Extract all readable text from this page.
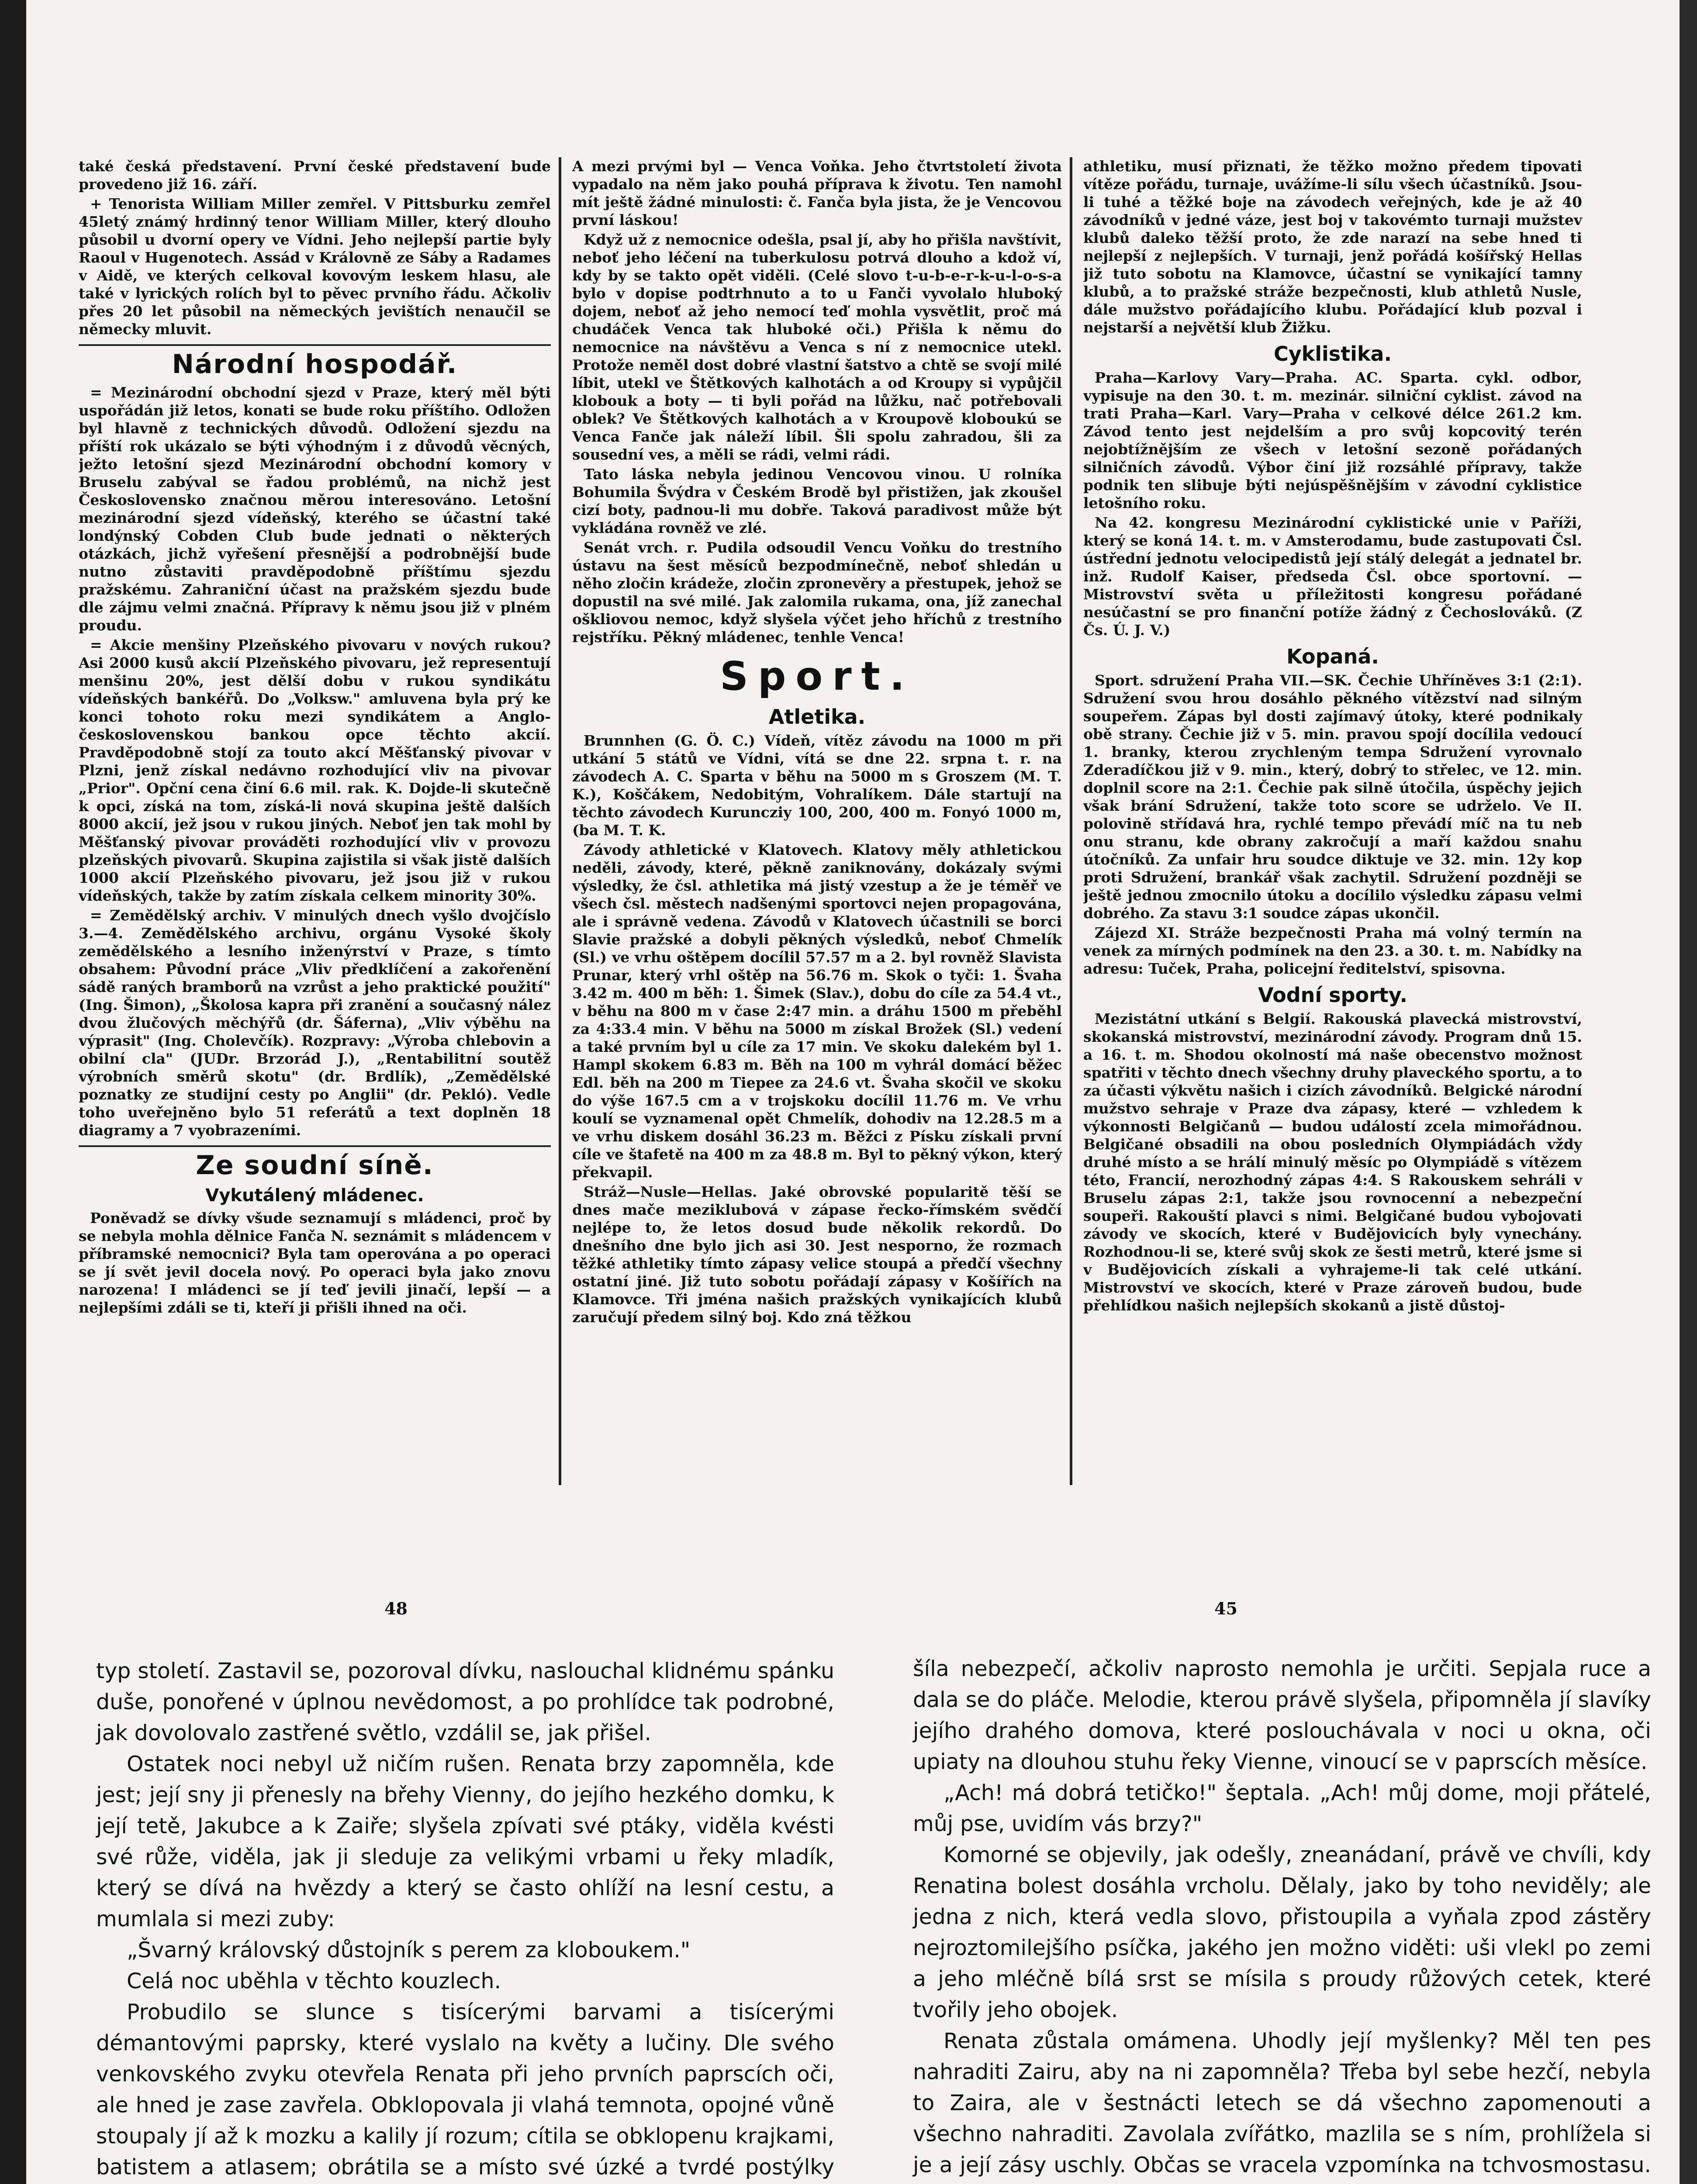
také česká představení. První české představení bude provedeno již 16. září.

+ Tenorista William Miller zemřel. V Pittsburku zemřel 45letý známý hrdinný tenor William Miller, který dlouho působil u dvorní opery ve Vídni. Jeho nejlepší partie byly Raoul v Hugenotech. Assád v Královně ze Sáby a Radames v Aidě, ve kterých celkoval kovovým leskem hlasu, ale také v lyrických rolích byl to pěvec prvního řádu. Ačkoliv přes 20 let působil na německých jevištích nenaučil se německy mluvit.

Národní hospodář.

= Mezinárodní obchodní sjezd v Praze, který měl býti uspořádán již letos, konati se bude roku příštího. Odložen byl hlavně z technických důvodů. Odložení sjezdu na příští rok ukázalo se býti výhodným i z důvodů věcných, ježto letošní sjezd Mezinárodní obchodní komory v Bruselu zabýval se řadou problémů, na nichž jest Československo značnou měrou interesováno. Letošní mezinárodní sjezd vídeňský, kterého se účastní také londýnský Cobden Club bude jednati o některých otázkách, jichž vyřešení přesnější a podrobnější bude nutno zůstaviti pravděpodobně příštímu sjezdu pražskému. Zahraniční účast na pražském sjezdu bude dle zájmu velmi značná. Přípravy k němu jsou již v plném proudu.

= Akcie menšiny Plzeňského pivovaru v nových rukou? Asi 2000 kusů akcií Plzeňského pivovaru, jež representují menšinu 20%, jest dělší dobu v rukou syndikátu vídeňských bankéřů. Do „Volksw." amluvena byla prý ke konci tohoto roku mezi syndikátem a Anglo-československou bankou opce těchto akcií. Pravděpodobně stojí za touto akcí Měšťanský pivovar v Plzni, jenž získal nedávno rozhodující vliv na pivovar „Prior". Opční cena činí 6.6 mil. rak. K. Dojde-li skutečně k opci, získá na tom, získá-li nová skupina ještě dalších 8000 akcií, jež jsou v rukou jiných. Neboť jen tak mohl by Měšťanský pivovar prováděti rozhodující vliv v provozu plzeňských pivovarů. Skupina zajistila si však jistě dalších 1000 akcií Plzeňského pivovaru, jež jsou již v rukou vídeňských, takže by zatím získala celkem minority 30%.

= Zemědělský archiv. V minulých dnech vyšlo dvojčíslo 3.—4. Zemědělského archivu, orgánu Vysoké školy zemědělského a lesního inženýrství v Praze, s tímto obsahem: Původní práce „Vliv předklíčení a zakořenění sádě raných bramborů na vzrůst a jeho praktické použití" (Ing. Šimon), „Školosa kapra při zranění a současný nález dvou žlučových měchýřů (dr. Šáferna), „Vliv výběhu na výprasit" (Ing. Cholevčík). Rozpravy: „Výroba chlebovin a obilní cla" (JUDr. Brzorád J.), „Rentabilitní soutěž výrobních směrů skotu" (dr. Brdlík), „Zemědělské poznatky ze studijní cesty po Anglii" (dr. Pekló). Vedle toho uveřejněno bylo 51 referátů a text doplněn 18 diagramy a 7 vyobrazeními.

Ze soudní síně.
Vykutálený mládenec.

Poněvadž se dívky všude seznamují s mládenci, proč by se nebyla mohla dělnice Fanča N. seznámit s mládencem v příbramské nemocnici? Byla tam operována a po operaci se jí svět jevil docela nový. Po operaci byla jako znovu narozena! I mládenci se jí teď jevili jinačí, lepší — a nejlepšími zdáli se ti, kteří ji přišli ihned na oči.

A mezi prvými byl — Venca Voňka. Jeho čtvrtstoletí života vypadalo na něm jako pouhá příprava k životu. Ten namohl mít ještě žádné minulosti: č. Fanča byla jista, že je Vencovou první láskou!

Když už z nemocnice odešla, psal jí, aby ho přišla navštívit, neboť jeho léčení na tuberkulosu potrvá dlouho a kdož ví, kdy by se takto opět viděli. (Celé slovo t-u-b-e-r-k-u-l-o-s-a bylo v dopise podtrhnuto a to u Fanči vyvolalo hluboký dojem, neboť až jeho nemocí teď mohla vysvětlit, proč má chudáček Venca tak hluboké oči.) Přišla k němu do nemocnice na návštěvu a Venca s ní z nemocnice utekl. Protože neměl dost dobré vlastní šatstvo a chtě se svojí milé líbit, utekl ve Štětkových kalhotách a od Kroupy si vypůjčil klobouk a boty — ti byli pořád na lůžku, nač potřebovali oblek? Ve Štětkových kalhotách a v Kroupově kloboukú se Venca Fanče jak náleží líbil. Šli spolu zahradou, šli za sousední ves, a měli se rádi, velmi rádi.

Tato láska nebyla jedinou Vencovou vinou. U rolníka Bohumila Švýdra v Českém Brodě byl přistižen, jak zkoušel cizí boty, padnou-li mu dobře. Taková paradivost může být vykládána rovněž ve zlé.

Senát vrch. r. Pudila odsoudil Vencu Voňku do trestního ústavu na šest měsíců bezpodmínečně, neboť shledán u něho zločin krádeže, zločin zpronevěry a přestupek, jehož se dopustil na své milé. Jak zalomila rukama, ona, jíž zanechal oškliovou nemoc, když slyšela výčet jeho hříchů z trestního rejstříku. Pěkný mládenec, tenhle Venca!

Sport.
Atletika.

Brunnhen (G. Ö. C.) Vídeň, vítěz závodu na 1000 m při utkání 5 států ve Vídni, vítá se dne 22. srpna t. r. na závodech A. C. Sparta v běhu na 5000 m s Groszem (M. T. K.), Koščákem, Nedobitým, Vohralíkem. Dále startují na těchto závodech Kuruncziy 100, 200, 400 m. Fonyó 1000 m, (ba M. T. K.

Závody athletické v Klatovech. Klatovy měly athletickou neděli, závody, které, pěkně zaniknovány, dokázaly svými výsledky, že čsl. athletika má jistý vzestup a že je téměř ve všech čsl. městech nadšenými sportovci nejen propagována, ale i správně vedena. Závodů v Klatovech účastnili se borci Slavie pražské a dobyli pěkných výsledků, neboť Chmelík (Sl.) ve vrhu oštěpem docílil 57.57 m a 2. byl rovněž Slavista Prunar, který vrhl oštěp na 56.76 m. Skok o tyči: 1. Švaha 3.42 m. 400 m běh: 1. Šimek (Slav.), dobu do cíle za 54.4 vt., v běhu na 800 m v čase 2:47 min. a dráhu 1500 m přeběhl za 4:33.4 min. V běhu na 5000 m získal Brožek (Sl.) vedení a také prvním byl u cíle za 17 min. Ve skoku dalekém byl 1. Hampl skokem 6.83 m. Běh na 100 m vyhrál domácí běžec Edl. běh na 200 m Tiepee za 24.6 vt. Švaha skočil ve skoku do výše 167.5 cm a v trojskoku docílil 11.76 m. Ve vrhu koulí se vyznamenal opět Chmelík, dohodiv na 12.28.5 m a ve vrhu diskem dosáhl 36.23 m. Běžci z Písku získali první cíle ve štafetě na 400 m za 48.8 m. Byl to pěkný výkon, který překvapil.

Stráž—Nusle—Hellas. Jaké obrovské popularitě těší se dnes mače meziklubová v zápase řecko-římském svědčí nejlépe to, že letos dosud bude několik rekordů. Do dnešního dne bylo jich asi 30. Jest nesporno, že rozmach těžké athletiky tímto zápasy velice stoupá a předčí všechny ostatní jiné. Již tuto sobotu pořádají zápasy v Košířích na Klamovce. Tři jména našich pražských vynikajících klubů zaručují předem silný boj. Kdo zná těžkou

athletiku, musí přiznati, že těžko možno předem tipovati vítěze pořádu, turnaje, uvážíme-li sílu všech účastníků. Jsou-li tuhé a těžké boje na závodech veřejných, kde je až 40 závodníků v jedné váze, jest boj v takovémto turnaji mužstev klubů daleko těžší proto, že zde narazí na sebe hned ti nejlepší z nejlepších. V turnaji, jenž pořádá košířský Hellas již tuto sobotu na Klamovce, účastní se vynikající tamny klubů, a to pražské stráže bezpečnosti, klub athletů Nusle, dále mužstvo pořádajícího klubu. Pořádající klub pozval i nejstarší a největší klub Žižku.

Cyklistika.

Praha—Karlovy Vary—Praha. AC. Sparta. cykl. odbor, vypisuje na den 30. t. m. mezinár. silniční cyklist. závod na trati Praha—Karl. Vary—Praha v celkové délce 261.2 km. Závod tento jest nejdelším a pro svůj kopcovitý terén nejobtížnějším ze všech v letošní sezoně pořádaných silničních závodů. Výbor činí již rozsáhlé přípravy, takže podnik ten slibuje býti nejúspěšnějším v závodní cyklistice letošního roku.

Na 42. kongresu Mezinárodní cyklistické unie v Paříži, který se koná 14. t. m. v Amsterodamu, bude zastupovati Čsl. ústřední jednotu velocipedistů její stálý delegát a jednatel br. inž. Rudolf Kaiser, předseda Čsl. obce sportovní. — Mistrovství světa u příležitosti kongresu pořádané nesúčastní se pro finanční potíže žádný z Čechoslováků. (Z Čs. Ú. J. V.)

Kopaná.

Sport. sdružení Praha VII.—SK. Čechie Uhříněves 3:1 (2:1). Sdružení svou hrou dosáhlo pěkného vítězství nad silným soupeřem. Zápas byl dosti zajímavý útoky, které podnikaly obě strany. Čechie již v 5. min. pravou spojí docílila vedoucí 1. branky, kterou zrychleným tempa Sdružení vyrovnalo Zderadíčkou již v 9. min., který, dobrý to střelec, ve 12. min. doplnil score na 2:1. Čechie pak silně útočila, úspěchy jejich však brání Sdružení, takže toto score se udrželo. Ve II. polovině střídavá hra, rychlé tempo převádí míč na tu neb onu stranu, kde obrany zakročují a maří každou snahu útočníků. Za unfair hru soudce diktuje ve 32. min. 12y kop proti Sdružení, brankář však zachytil. Sdružení pozdněji se ještě jednou zmocnilo útoku a docílilo výsledku zápasu velmi dobrého. Za stavu 3:1 soudce zápas ukončil.

Zájezd XI. Stráže bezpečnosti Praha má volný termín na venek za mírných podmínek na den 23. a 30. t. m. Nabídky na adresu: Tuček, Praha, policejní ředitelství, spisovna.

Vodní sporty.

Mezistátní utkání s Belgií. Rakouská plavecká mistrovství, skokanská mistrovství, mezinárodní závody. Program dnů 15. a 16. t. m. Shodou okolností má naše obecenstvo možnost spatřiti v těchto dnech všechny druhy plaveckého sportu, a to za účasti výkvětu našich i cizích závodníků. Belgické národní mužstvo sehraje v Praze dva zápasy, které — vzhledem k výkonnosti Belgičanů — budou událostí zcela mimořádnou. Belgičané obsadili na obou posledních Olympiádách vždy druhé místo a se hrálí minulý měsíc po Olympiádě s vítězem této, Francií, nerozhodný zápas 4:4. S Rakouskem sehráli v Bruselu zápas 2:1, takže jsou rovnocenní a nebezpeční soupeři. Rakouští plavci s nimi. Belgičané budou vybojovati závody ve skocích, které v Budějovicích byly vynechány. Rozhodnou-li se, které svůj skok ze šesti metrů, které jsme si v Budějovicích získali a vyhrajeme-li tak celé utkání. Mistrovství ve skocích, které v Praze zároveň budou, bude přehlídkou našich nejlepších skokanů a jistě důstoj-

48	45

typ století. Zastavil se, pozoroval dívku, naslouchal klidnému spánku duše, ponořené v úplnou nevědomost, a po prohlídce tak podrobné, jak dovolovalo zastřené světlo, vzdálil se, jak přišel.

Ostatek noci nebyl už ničím rušen. Renata brzy zapomněla, kde jest; její sny ji přenesly na břehy Vienny, do jejího hezkého domku, k její tetě, Jakubce a k Zaiře; slyšela zpívati své ptáky, viděla kvésti své růže, viděla, jak ji sleduje za velikými vrbami u řeky mladík, který se dívá na hvězdy a který se často ohlíží na lesní cestu, a mumlala si mezi zuby:

„Švarný královský důstojník s perem za kloboukem."

Celá noc uběhla v těchto kouzlech.

Probudilo se slunce s tisícerými barvami a tisícerými démantovými paprsky, které vyslalo na květy a lučiny. Dle svého venkovského zvyku otevřela Renata při jeho prvních paprscích oči, ale hned je zase zavřela. Obklopovala ji vlahá temnota, opojné vůně stoupaly jí až k mozku a kalily jí rozum; cítila se obklopenu krajkami, batistem a atlasem; obrátila se a místo své úzké a tvrdé postýlky

šíla nebezpečí, ačkoliv naprosto nemohla je určiti. Sepjala ruce a dala se do pláče. Melodie, kterou právě slyšela, připomněla jí slavíky jejího drahého domova, které poslouchávala v noci u okna, oči upiaty na dlouhou stuhu řeky Vienne, vinoucí se v paprscích měsíce.

„Ach! má dobrá tetičko!" šeptala. „Ach! můj dome, moji přátelé, můj pse, uvidím vás brzy?"

Komorné se objevily, jak odešly, zneanádaní, právě ve chvíli, kdy Renatina bolest dosáhla vrcholu. Dělaly, jako by toho neviděly; ale jedna z nich, která vedla slovo, přistoupila a vyňala zpod zástěry nejroztomilejšího psíčka, jakého jen možno viděti: uši vlekl po zemi a jeho mléčně bílá srst se mísila s proudy růžových cetek, které tvořily jeho obojek.

Renata zůstala omámena. Uhodly její myšlenky? Měl ten pes nahraditi Zairu, aby na ni zapomněla? Třeba byl sebe hezčí, nebyla to Zaira, ale v šestnácti letech se dá všechno zapomenouti a všechno nahraditi. Zavolala zvířátko, mazlila se s ním, prohlížela si je a její zásy uschly. Občas se vracela vzpomínka na tchvosmostasu.
